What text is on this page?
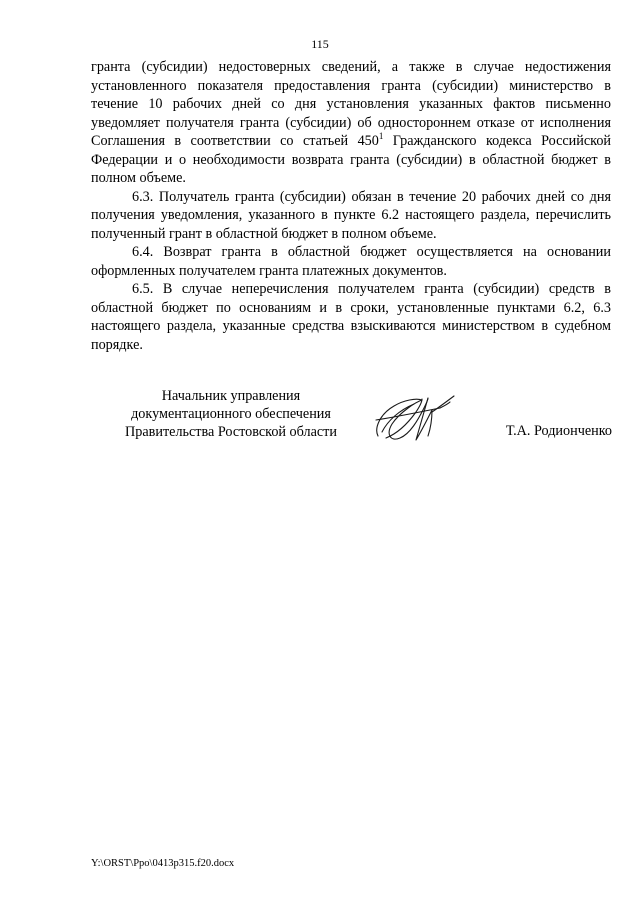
115

гранта (субсидии) недостоверных сведений, а также в случае недостижения установленного показателя предоставления гранта (субсидии) министерство в течение 10 рабочих дней со дня установления указанных фактов письменно уведомляет получателя гранта (субсидии) об одностороннем отказе от исполнения Соглашения в соответствии со статьей $450^1$ Гражданского кодекса Российской Федерации и о необходимости возврата гранта (субсидии) в областной бюджет в полном объеме.

6.3. Получатель гранта (субсидии) обязан в течение 20 рабочих дней со дня получения уведомления, указанного в пункте 6.2 настоящего раздела, перечислить полученный грант в областной бюджет в полном объеме.

6.4. Возврат гранта в областной бюджет осуществляется на основании оформленных получателем гранта платежных документов.

6.5. В случае неперечисления получателем гранта (субсидии) средств в областной бюджет по основаниям и в сроки, установленные пунктами 6.2, 6.3 настоящего раздела, указанные средства взыскиваются министерством в судебном порядке.

Начальник управления
документационного обеспечения
Правительства Ростовской области	Т.А. Родионченко
Y:\ORST\Ppo\0413p315.f20.docx
